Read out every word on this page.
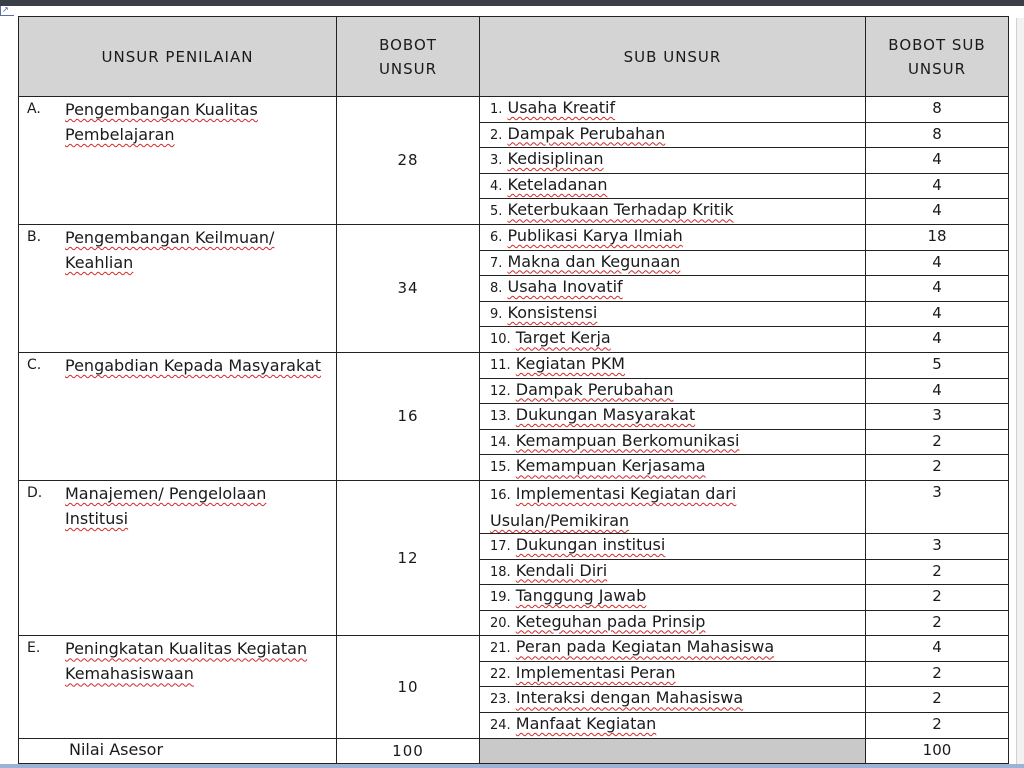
↗
UNSUR PENILAIAN	BOBOT
UNSUR	SUB UNSUR	BOBOT SUB
UNSUR

A. Pengembangan Kualitas Pembelajaran	28	1. Usaha Kreatif	8
		2. Dampak Perubahan	8
		3. Kedisiplinan	4
		4. Keteladanan	4
		5. Keterbukaan Terhadap Kritik	4

B. Pengembangan Keilmuan/ Keahlian	34	6. Publikasi Karya Ilmiah	18
		7. Makna dan Kegunaan	4
		8. Usaha Inovatif	4
		9. Konsistensi	4
		10. Target Kerja	4

C. Pengabdian Kepada Masyarakat	16	11. Kegiatan PKM	5
		12. Dampak Perubahan	4
		13. Dukungan Masyarakat	3
		14. Kemampuan Berkomunikasi	2
		15. Kemampuan Kerjasama	2

D. Manajemen/ Pengelolaan Institusi	12	16. Implementasi Kegiatan dari Usulan/Pemikiran	3
		17. Dukungan institusi	3
		18. Kendali Diri	2
		19. Tanggung Jawab	2
		20. Keteguhan pada Prinsip	2

E. Peningkatan Kualitas Kegiatan Kemahasiswaan	10	21. Peran pada Kegiatan Mahasiswa	4
		22. Implementasi Peran	2
		23. Interaksi dengan Mahasiswa	2
		24. Manfaat Kegiatan	2

Nilai Asesor	100		100
